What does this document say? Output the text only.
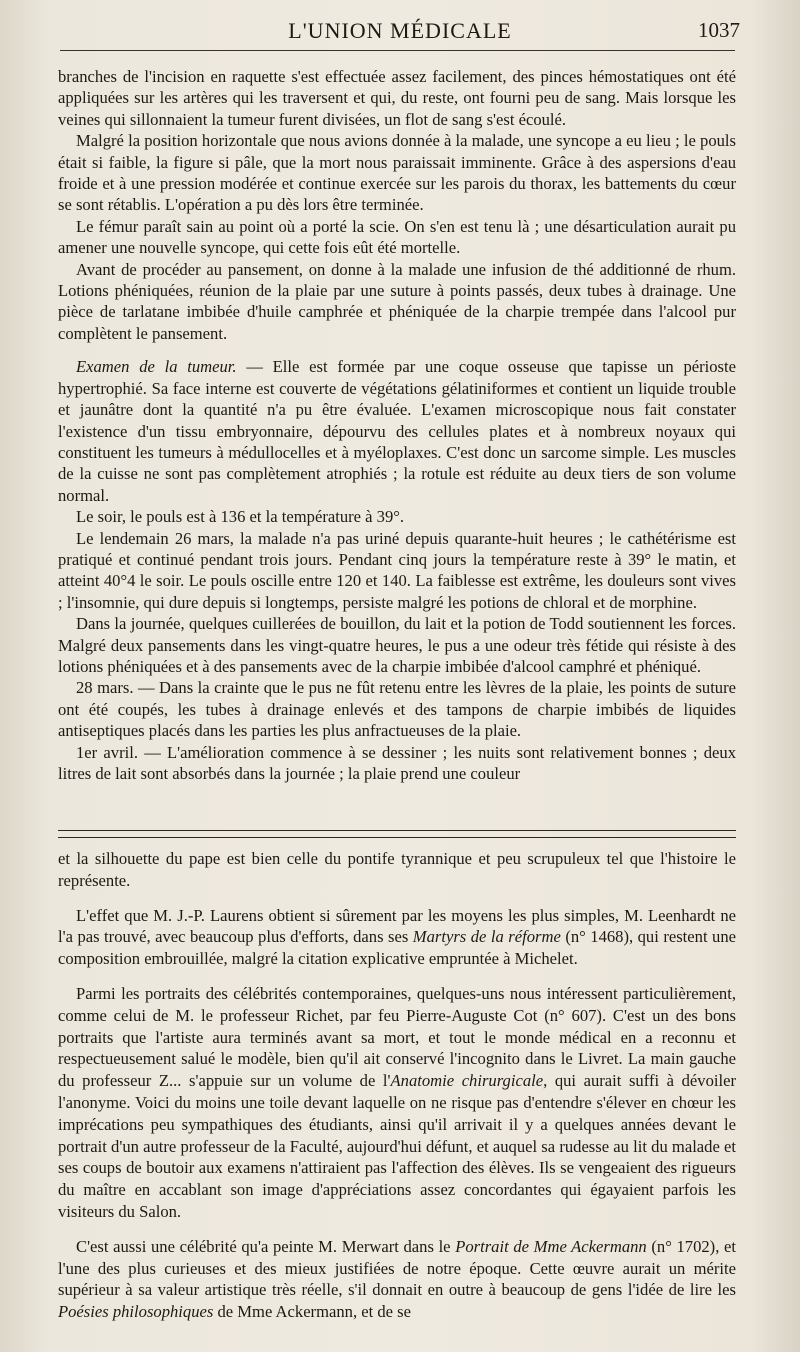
L'UNION MÉDICALE	1037

branches de l'incision en raquette s'est effectuée assez facilement, des pinces hémostatiques ont été appliquées sur les artères qui les traversent et qui, du reste, ont fourni peu de sang. Mais lorsque les veines qui sillonnaient la tumeur furent divisées, un flot de sang s'est écoulé.

Malgré la position horizontale que nous avions donnée à la malade, une syncope a eu lieu ; le pouls était si faible, la figure si pâle, que la mort nous paraissait imminente. Grâce à des aspersions d'eau froide et à une pression modérée et continue exercée sur les parois du thorax, les battements du cœur se sont rétablis. L'opération a pu dès lors être terminée.

Le fémur paraît sain au point où a porté la scie. On s'en est tenu là ; une désarticulation aurait pu amener une nouvelle syncope, qui cette fois eût été mortelle.

Avant de procéder au pansement, on donne à la malade une infusion de thé additionné de rhum. Lotions phéniquées, réunion de la plaie par une suture à points passés, deux tubes à drainage. Une pièce de tarlatane imbibée d'huile camphrée et phéniquée de la charpie trempée dans l'alcool pur complètent le pansement.

Examen de la tumeur. — Elle est formée par une coque osseuse que tapisse un périoste hypertrophié. Sa face interne est couverte de végétations gélatiniformes et contient un liquide trouble et jaunâtre dont la quantité n'a pu être évaluée. L'examen microscopique nous fait constater l'existence d'un tissu embryonnaire, dépourvu des cellules plates et à nombreux noyaux qui constituent les tumeurs à médullocelles et à myéloplaxes. C'est donc un sarcome simple. Les muscles de la cuisse ne sont pas complètement atrophiés ; la rotule est réduite au deux tiers de son volume normal.

Le soir, le pouls est à 136 et la température à 39°.

Le lendemain 26 mars, la malade n'a pas uriné depuis quarante-huit heures ; le cathétérisme est pratiqué et continué pendant trois jours. Pendant cinq jours la température reste à 39° le matin, et atteint 40°4 le soir. Le pouls oscille entre 120 et 140. La faiblesse est extrême, les douleurs sont vives ; l'insomnie, qui dure depuis si longtemps, persiste malgré les potions de chloral et de morphine.

Dans la journée, quelques cuillerées de bouillon, du lait et la potion de Todd soutiennent les forces. Malgré deux pansements dans les vingt-quatre heures, le pus a une odeur très fétide qui résiste à des lotions phéniquées et à des pansements avec de la charpie imbibée d'alcool camphré et phéniqué.

28 mars. — Dans la crainte que le pus ne fût retenu entre les lèvres de la plaie, les points de suture ont été coupés, les tubes à drainage enlevés et des tampons de charpie imbibés de liquides antiseptiques placés dans les parties les plus anfractueuses de la plaie.

1er avril. — L'amélioration commence à se dessiner ; les nuits sont relativement bonnes ; deux litres de lait sont absorbés dans la journée ; la plaie prend une couleur

et la silhouette du pape est bien celle du pontife tyrannique et peu scrupuleux tel que l'histoire le représente.

L'effet que M. J.-P. Laurens obtient si sûrement par les moyens les plus simples, M. Leenhardt ne l'a pas trouvé, avec beaucoup plus d'efforts, dans ses Martyrs de la réforme (n° 1468), qui restent une composition embrouillée, malgré la citation explicative empruntée à Michelet.

Parmi les portraits des célébrités contemporaines, quelques-uns nous intéressent particulièrement, comme celui de M. le professeur Richet, par feu Pierre-Auguste Cot (n° 607). C'est un des bons portraits que l'artiste aura terminés avant sa mort, et tout le monde médical en a reconnu et respectueusement salué le modèle, bien qu'il ait conservé l'incognito dans le Livret. La main gauche du professeur Z... s'appuie sur un volume de l'Anatomie chirurgicale, qui aurait suffi à dévoiler l'anonyme. Voici du moins une toile devant laquelle on ne risque pas d'entendre s'élever en chœur les imprécations peu sympathiques des étudiants, ainsi qu'il arrivait il y a quelques années devant le portrait d'un autre professeur de la Faculté, aujourd'hui défunt, et auquel sa rudesse au lit du malade et ses coups de boutoir aux examens n'attiraient pas l'affection des élèves. Ils se vengeaient des rigueurs du maître en accablant son image d'appréciations assez concordantes qui égayaient parfois les visiteurs du Salon.

C'est aussi une célébrité qu'a peinte M. Merwart dans le Portrait de Mme Ackermann (n° 1702), et l'une des plus curieuses et des mieux justifiées de notre époque. Cette œuvre aurait un mérite supérieur à sa valeur artistique très réelle, s'il donnait en outre à beaucoup de gens l'idée de lire les Poésies philosophiques de Mme Ackermann, et de se
